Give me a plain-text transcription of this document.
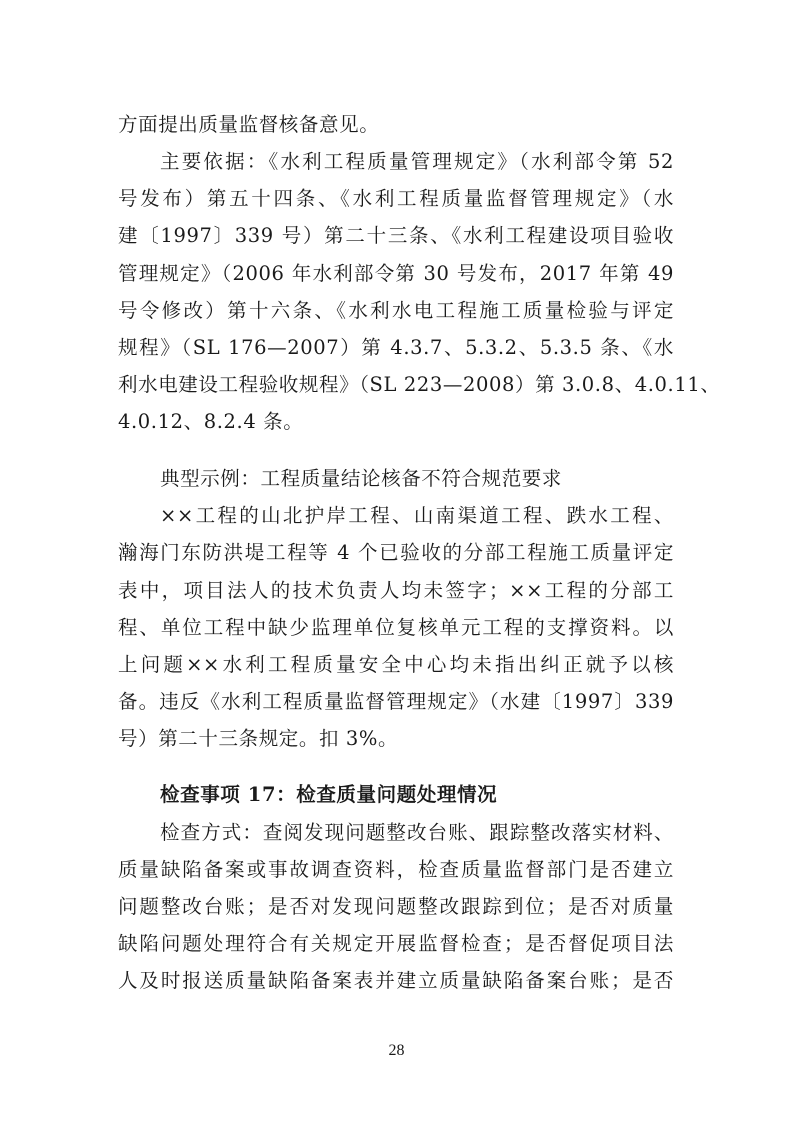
方面提出质量监督核备意见。
主要依据：《水利工程质量管理规定》（水利部令第 52
号发布）第五十四条、《水利工程质量监督管理规定》（水
建〔1997〕339 号）第二十三条、《水利工程建设项目验收
管理规定》（2006 年水利部令第 30 号发布，2017 年第 49
号令修改）第十六条、《水利水电工程施工质量检验与评定
规程》（SL 176—2007）第 4.3.7、5.3.2、5.3.5 条、《水
利水电建设工程验收规程》（SL 223—2008）第 3.0.8、4.0.11、
4.0.12、8.2.4 条。
典型示例：工程质量结论核备不符合规范要求
××工程的山北护岸工程、山南渠道工程、跌水工程、
瀚海门东防洪堤工程等 4 个已验收的分部工程施工质量评定
表中，项目法人的技术负责人均未签字；××工程的分部工
程、单位工程中缺少监理单位复核单元工程的支撑资料。以
上问题××水利工程质量安全中心均未指出纠正就予以核
备。违反《水利工程质量监督管理规定》（水建〔1997〕339
号）第二十三条规定。扣 3%。
检查事项 17：检查质量问题处理情况
检查方式：查阅发现问题整改台账、跟踪整改落实材料、
质量缺陷备案或事故调查资料，检查质量监督部门是否建立
问题整改台账；是否对发现问题整改跟踪到位；是否对质量
缺陷问题处理符合有关规定开展监督检查；是否督促项目法
人及时报送质量缺陷备案表并建立质量缺陷备案台账；是否
28
